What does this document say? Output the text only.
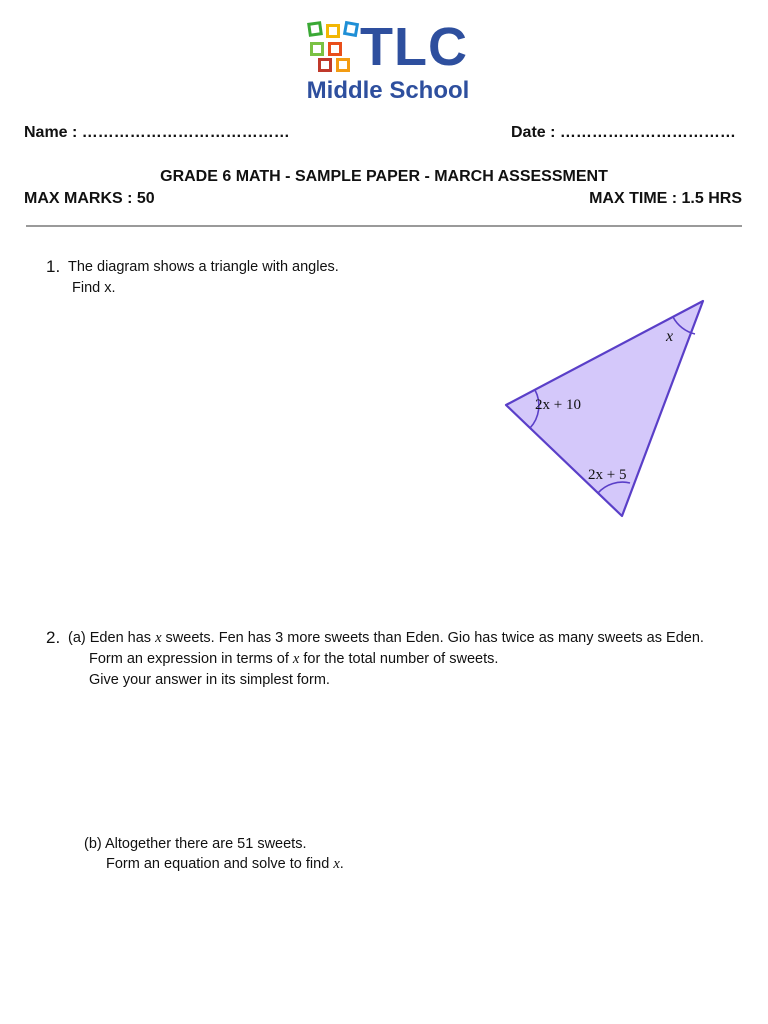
TLC
Middle School
Name : …………………………………	Date : ……………………………
GRADE 6 MATH - SAMPLE PAPER - MARCH ASSESSMENT
MAX MARKS : 50	MAX TIME : 1.5 HRS
1. The diagram shows a triangle with angles.
Find x.
x
2x + 10
2x + 5
2. (a) Eden has x sweets. Fen has 3 more sweets than Eden. Gio has twice as many sweets as Eden.
Form an expression in terms of x for the total number of sweets.
Give your answer in its simplest form.
(b) Altogether there are 51 sweets.
Form an equation and solve to find x.
